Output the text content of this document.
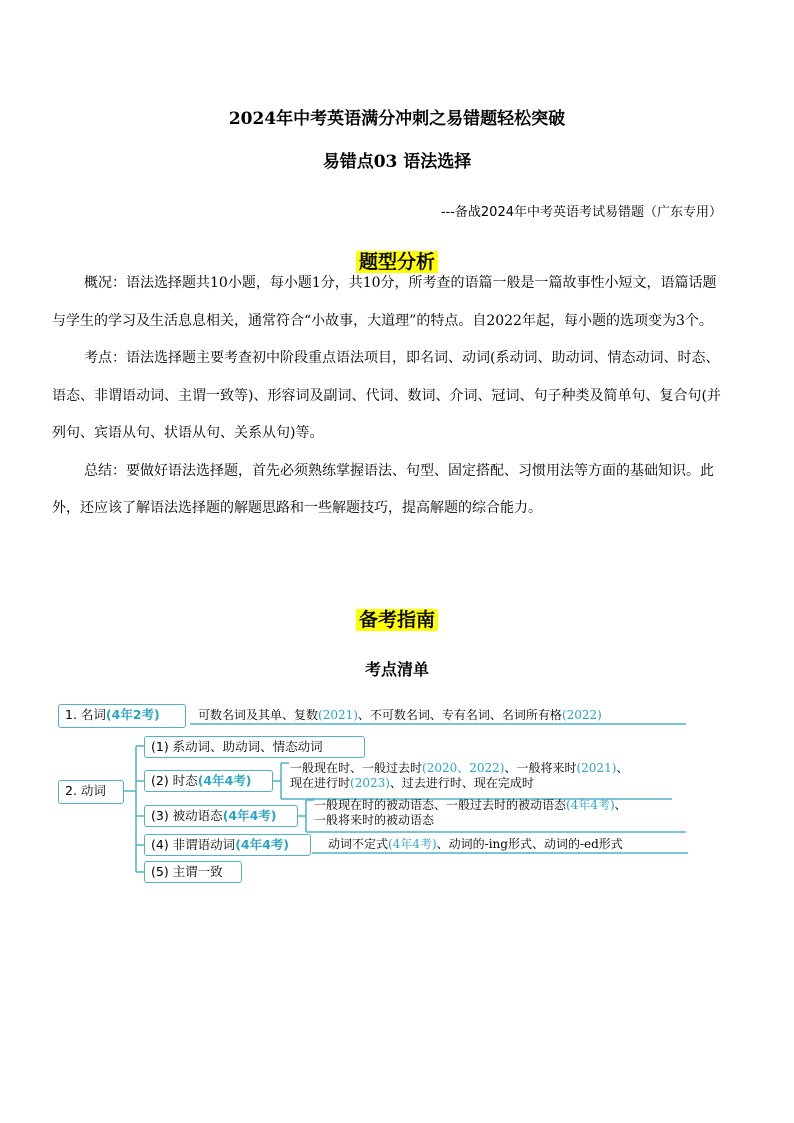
2024年中考英语满分冲刺之易错题轻松突破
易错点03 语法选择
---备战2024年中考英语考试易错题（广东专用）
题型分析

概况：语法选择题共10小题，每小题1分，共10分，所考查的语篇一般是一篇故事性小短文，语篇话题与学生的学习及生活息息相关，通常符合“小故事，大道理”的特点。自2022年起，每小题的选项变为3个。

考点：语法选择题主要考查初中阶段重点语法项目，即名词、动词(系动词、助动词、情态动词、时态、语态、非谓语动词、主谓一致等)、形容词及副词、代词、数词、介词、冠词、句子种类及简单句、复合句(并列句、宾语从句、状语从句、关系从句)等。

总结：要做好语法选择题，首先必须熟练掌握语法、句型、固定搭配、习惯用法等方面的基础知识。此外，还应该了解语法选择题的解题思路和一些解题技巧，提高解题的综合能力。

备考指南
考点清单
1. 名词(4年2考)	可数名词及其单、复数(2021)、不可数名词、专有名词、名词所有格(2022)
2. 动词
(1) 系动词、助动词、情态动词
(2) 时态(4年4考)
(3) 被动语态(4年4考)
(4) 非谓语动词(4年4考)
(5) 主谓一致
一般现在时、一般过去时(2020、2022)、一般将来时(2021)、
现在进行时(2023)、过去进行时、现在完成时
一般现在时的被动语态、一般过去时的被动语态(4年4考)、
一般将来时的被动语态
动词不定式(4年4考)、动词的-ing形式、动词的-ed形式
